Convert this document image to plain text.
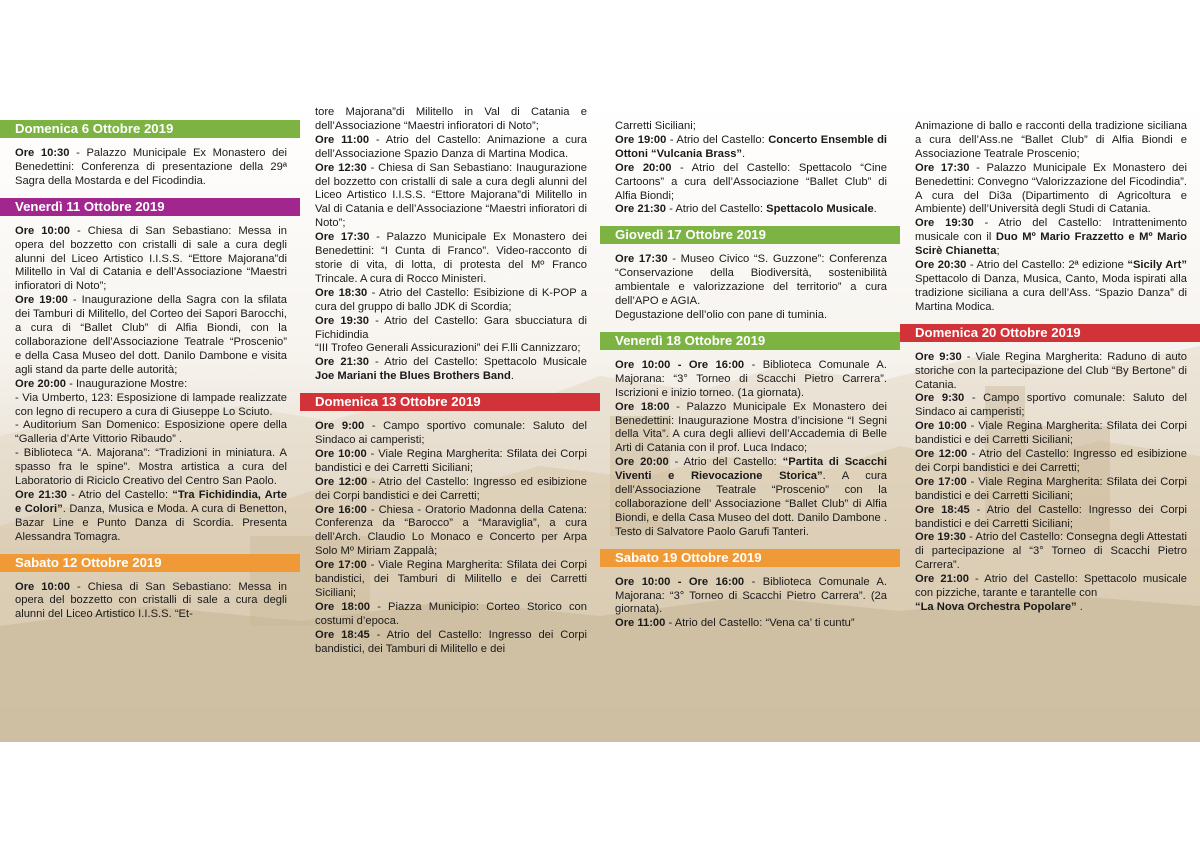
Domenica 6 Ottobre 2019

Ore 10:30 - Palazzo Municipale Ex Monastero dei Benedettini: Conferenza di presentazione della 29ª Sagra della Mostarda e del Ficodindia.

Venerdì 11 Ottobre 2019

Ore 10:00 - Chiesa di San Sebastiano: Messa in opera del bozzetto con cristalli di sale a cura degli alunni del Liceo Artistico I.I.S.S. “Ettore Majorana”di Militello in Val di Catania e dell’Associazione “Maestri infioratori di Noto”;

Ore 19:00 - Inaugurazione della Sagra con la sfilata dei Tamburi di Militello, del Corteo dei Sapori Barocchi, a cura di “Ballet Club” di Alfia Biondi, con la collaborazione dell’Associazione Teatrale “Proscenio” e della Casa Museo del dott. Danilo Dambone e visita agli stand da parte delle autorità;

Ore 20:00 - Inaugurazione Mostre:

- Via Umberto, 123: Esposizione di lampade realizzate con legno di recupero a cura di Giuseppe Lo Sciuto.

- Auditorium San Domenico: Esposizione opere della “Galleria d’Arte Vittorio Ribaudo” .

- Biblioteca “A. Majorana”: “Tradizioni in miniatura. A spasso fra le spine”. Mostra artistica a cura del Laboratorio di Riciclo Creativo del Centro San Paolo.

Ore 21:30 - Atrio del Castello: “Tra Fichidindia, Arte e Colori”. Danza, Musica e Moda. A cura di Benetton, Bazar Line e Punto Danza di Scordia. Presenta Alessandra Tomagra.

Sabato 12 Ottobre 2019

Ore 10:00 - Chiesa di San Sebastiano: Messa in opera del bozzetto con cristalli di sale a cura degli alunni del Liceo Artistico I.I.S.S. “Et-

tore Majorana”di Militello in Val di Catania e dell’Associazione “Maestri infioratori di Noto”;

Ore 11:00 - Atrio del Castello: Animazione a cura dell’Associazione Spazio Danza di Martina Modica.

Ore 12:30 - Chiesa di San Sebastiano: Inaugurazione del bozzetto con cristalli di sale a cura degli alunni del Liceo Artistico I.I.S.S. “Ettore Majorana”di Militello in Val di Catania e dell’Associazione “Maestri infioratori di Noto”;

Ore 17:30 - Palazzo Municipale Ex Monastero dei Benedettini: “I Cunta di Franco”. Video-racconto di storie di vita, di lotta, di protesta del Mº Franco Trincale. A cura di Rocco Ministeri.

Ore 18:30 - Atrio del Castello: Esibizione di K-POP a cura del gruppo di ballo JDK di Scordia;

Ore 19:30 - Atrio del Castello: Gara sbucciatura di Fichidindia

“III Trofeo Generali Assicurazioni” dei F.lli Cannizzaro;

Ore 21:30 - Atrio del Castello: Spettacolo Musicale Joe Mariani the Blues Brothers Band.

Domenica 13 Ottobre 2019

Ore 9:00 - Campo sportivo comunale: Saluto del Sindaco ai camperisti;

Ore 10:00 - Viale Regina Margherita: Sfilata dei Corpi bandistici e dei Carretti Siciliani;

Ore 12:00 - Atrio del Castello: Ingresso ed esibizione dei Corpi bandistici e dei Carretti;

Ore 16:00 - Chiesa - Oratorio Madonna della Catena: Conferenza da “Barocco” a “Maraviglia”, a cura dell’Arch. Claudio Lo Monaco e Concerto per Arpa Solo Mº Miriam Zappalà;

Ore 17:00 - Viale Regina Margherita: Sfilata dei Corpi bandistici, dei Tamburi di Militello e dei Carretti Siciliani;

Ore 18:00 - Piazza Municipio: Corteo Storico con costumi d’epoca.

Ore 18:45 - Atrio del Castello: Ingresso dei Corpi bandistici, dei Tamburi di Militello e dei

Carretti Siciliani;

Ore 19:00 - Atrio del Castello: Concerto Ensemble di Ottoni “Vulcania Brass”.

Ore 20:00 - Atrio del Castello: Spettacolo “Cine Cartoons” a cura dell’Associazione “Ballet Club” di Alfia Biondi;

Ore 21:30 - Atrio del Castello: Spettacolo Musicale.

Giovedì 17 Ottobre 2019

Ore 17:30 - Museo Civico “S. Guzzone”: Conferenza “Conservazione della Biodiversità, sostenibilità ambientale e valorizzazione del territorio” a cura dell’APO e AGIA.

Degustazione dell’olio con pane di tuminia.

Venerdì 18 Ottobre 2019

Ore 10:00 - Ore 16:00 - Biblioteca Comunale A. Majorana: “3° Torneo di Scacchi Pietro Carrera”. Iscrizioni e inizio torneo. (1a giornata).

Ore 18:00 - Palazzo Municipale Ex Monastero dei Benedettini: Inaugurazione Mostra d’incisione “I Segni della Vita”. A cura degli allievi dell’Accademia di Belle Arti di Catania con il prof. Luca Indaco;

Ore 20:00 - Atrio del Castello: “Partita di Scacchi Viventi e Rievocazione Storica”. A cura dell’Associazione Teatrale “Proscenio” con la collaborazione dell’ Associazione “Ballet Club” di Alfia Biondi, e della Casa Museo del dott. Danilo Dambone . Testo di Salvatore Paolo Garufi Tanteri.

Sabato 19 Ottobre 2019

Ore 10:00 - Ore 16:00 - Biblioteca Comunale A. Majorana: “3° Torneo di Scacchi Pietro Carrera”. (2a giornata).

Ore 11:00 - Atrio del Castello: “Vena ca’ ti cuntu”

Animazione di ballo e racconti della tradizione siciliana a cura dell’Ass.ne “Ballet Club” di Alfia Biondi e Associazione Teatrale Proscenio;

Ore 17:30 - Palazzo Municipale Ex Monastero dei Benedettini: Convegno “Valorizzazione del Ficodindia”. A cura del Di3a (Dipartimento di Agricoltura e Ambiente) dell’Università degli Studi di Catania.

Ore 19:30 - Atrio del Castello: Intrattenimento musicale con il Duo Mº Mario Frazzetto e Mº Mario Scirè Chianetta;

Ore 20:30 - Atrio del Castello: 2ª edizione “Sicily Art” Spettacolo di Danza, Musica, Canto, Moda ispirati alla tradizione siciliana a cura dell’Ass. “Spazio Danza” di Martina Modica.

Domenica 20 Ottobre 2019

Ore 9:30 - Viale Regina Margherita: Raduno di auto storiche con la partecipazione del Club “By Bertone” di Catania.

Ore 9:30 - Campo sportivo comunale: Saluto del Sindaco ai camperisti;

Ore 10:00 - Viale Regina Margherita: Sfilata dei Corpi bandistici e dei Carretti Siciliani;

Ore 12:00 - Atrio del Castello: Ingresso ed esibizione dei Corpi bandistici e dei Carretti;

Ore 17:00 - Viale Regina Margherita: Sfilata dei Corpi bandistici e dei Carretti Siciliani;

Ore 18:45 - Atrio del Castello: Ingresso dei Corpi bandistici e dei Carretti Siciliani;

Ore 19:30 - Atrio del Castello: Consegna degli Attestati di partecipazione al “3° Torneo di Scacchi Pietro Carrera”.

Ore 21:00 - Atrio del Castello: Spettacolo musicale con pizziche, tarante e tarantelle con

“La Nova Orchestra Popolare” .
